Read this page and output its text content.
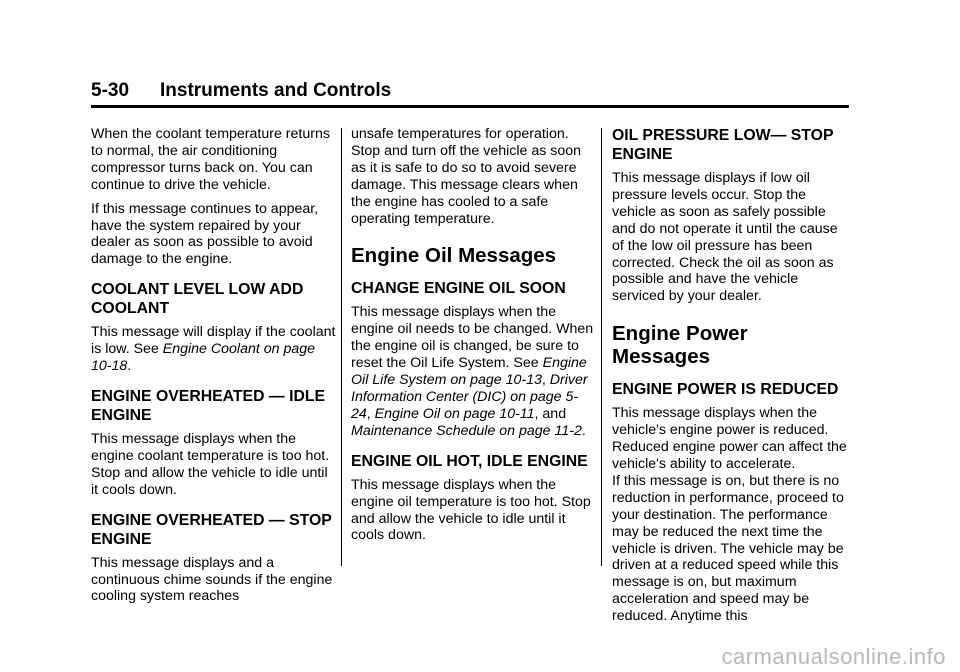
5-30 Instruments and Controls

When the coolant temperature returns to normal, the air conditioning compressor turns back on. You can continue to drive the vehicle.

If this message continues to appear, have the system repaired by your dealer as soon as possible to avoid damage to the engine.

COOLANT LEVEL LOW ADD COOLANT

This message will display if the coolant is low. See Engine Coolant on page 10-18.

ENGINE OVERHEATED — IDLE ENGINE

This message displays when the engine coolant temperature is too hot. Stop and allow the vehicle to idle until it cools down.

ENGINE OVERHEATED — STOP ENGINE

This message displays and a continuous chime sounds if the engine cooling system reaches

unsafe temperatures for operation. Stop and turn off the vehicle as soon as it is safe to do so to avoid severe damage. This message clears when the engine has cooled to a safe operating temperature.

Engine Oil Messages
CHANGE ENGINE OIL SOON

This message displays when the engine oil needs to be changed. When the engine oil is changed, be sure to reset the Oil Life System. See Engine Oil Life System on page 10-13, Driver Information Center (DIC) on page 5-24, Engine Oil on page 10-11, and Maintenance Schedule on page 11-2.

ENGINE OIL HOT, IDLE ENGINE

This message displays when the engine oil temperature is too hot. Stop and allow the vehicle to idle until it cools down.

OIL PRESSURE LOW— STOP ENGINE

This message displays if low oil pressure levels occur. Stop the vehicle as soon as safely possible and do not operate it until the cause of the low oil pressure has been corrected. Check the oil as soon as possible and have the vehicle serviced by your dealer.

Engine Power Messages
ENGINE POWER IS REDUCED

This message displays when the vehicle's engine power is reduced. Reduced engine power can affect the vehicle's ability to accelerate.

If this message is on, but there is no reduction in performance, proceed to your destination. The performance may be reduced the next time the vehicle is driven. The vehicle may be driven at a reduced speed while this message is on, but maximum acceleration and speed may be reduced. Anytime this

carmanualsonline.info
